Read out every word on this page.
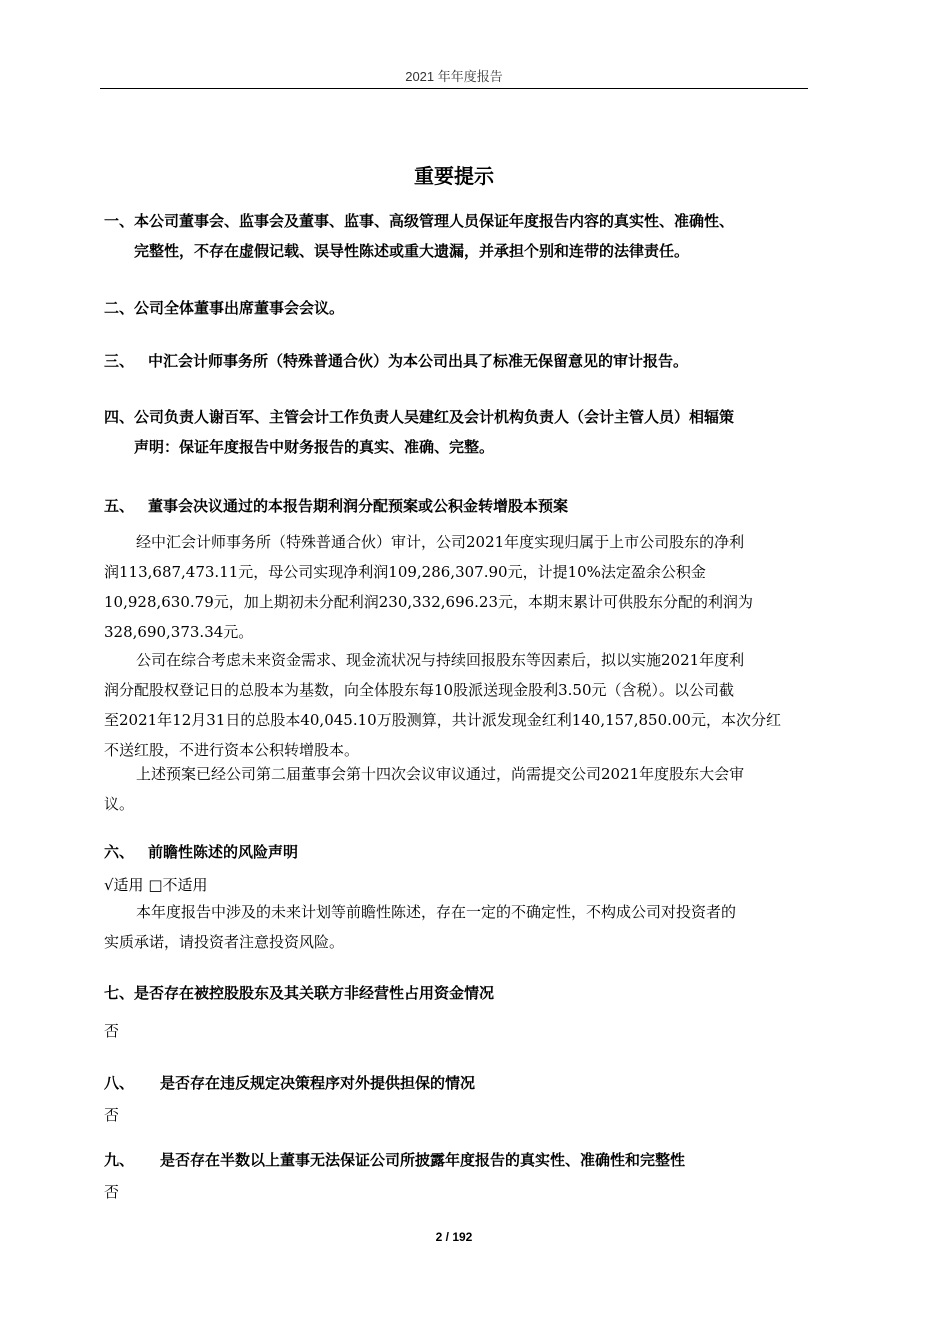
2021 年年度报告
重要提示
一、本公司董事会、监事会及董事、监事、高级管理人员保证年度报告内容的真实性、准确性、
完整性，不存在虚假记载、误导性陈述或重大遗漏，并承担个别和连带的法律责任。
二、公司全体董事出席董事会会议。
三、 中汇会计师事务所（特殊普通合伙）为本公司出具了标准无保留意见的审计报告。
四、公司负责人谢百军、主管会计工作负责人吴建红及会计机构负责人（会计主管人员）相辐策
声明：保证年度报告中财务报告的真实、准确、完整。
五、 董事会决议通过的本报告期利润分配预案或公积金转增股本预案
经中汇会计师事务所（特殊普通合伙）审计，公司2021年度实现归属于上市公司股东的净利
润113,687,473.11元，母公司实现净利润109,286,307.90元，计提10%法定盈余公积金
10,928,630.79元，加上期初未分配利润230,332,696.23元，本期末累计可供股东分配的利润为
328,690,373.34元。
公司在综合考虑未来资金需求、现金流状况与持续回报股东等因素后，拟以实施2021年度利
润分配股权登记日的总股本为基数，向全体股东每10股派送现金股利3.50元（含税）。以公司截
至2021年12月31日的总股本40,045.10万股测算，共计派发现金红利140,157,850.00元，本次分红
不送红股，不进行资本公积转增股本。
上述预案已经公司第二届董事会第十四次会议审议通过，尚需提交公司2021年度股东大会审
议。
六、 前瞻性陈述的风险声明
√适用 □不适用
本年度报告中涉及的未来计划等前瞻性陈述，存在一定的不确定性，不构成公司对投资者的
实质承诺，请投资者注意投资风险。
七、是否存在被控股股东及其关联方非经营性占用资金情况
否
八、 是否存在违反规定决策程序对外提供担保的情况
否
九、 是否存在半数以上董事无法保证公司所披露年度报告的真实性、准确性和完整性
否
2 / 192
